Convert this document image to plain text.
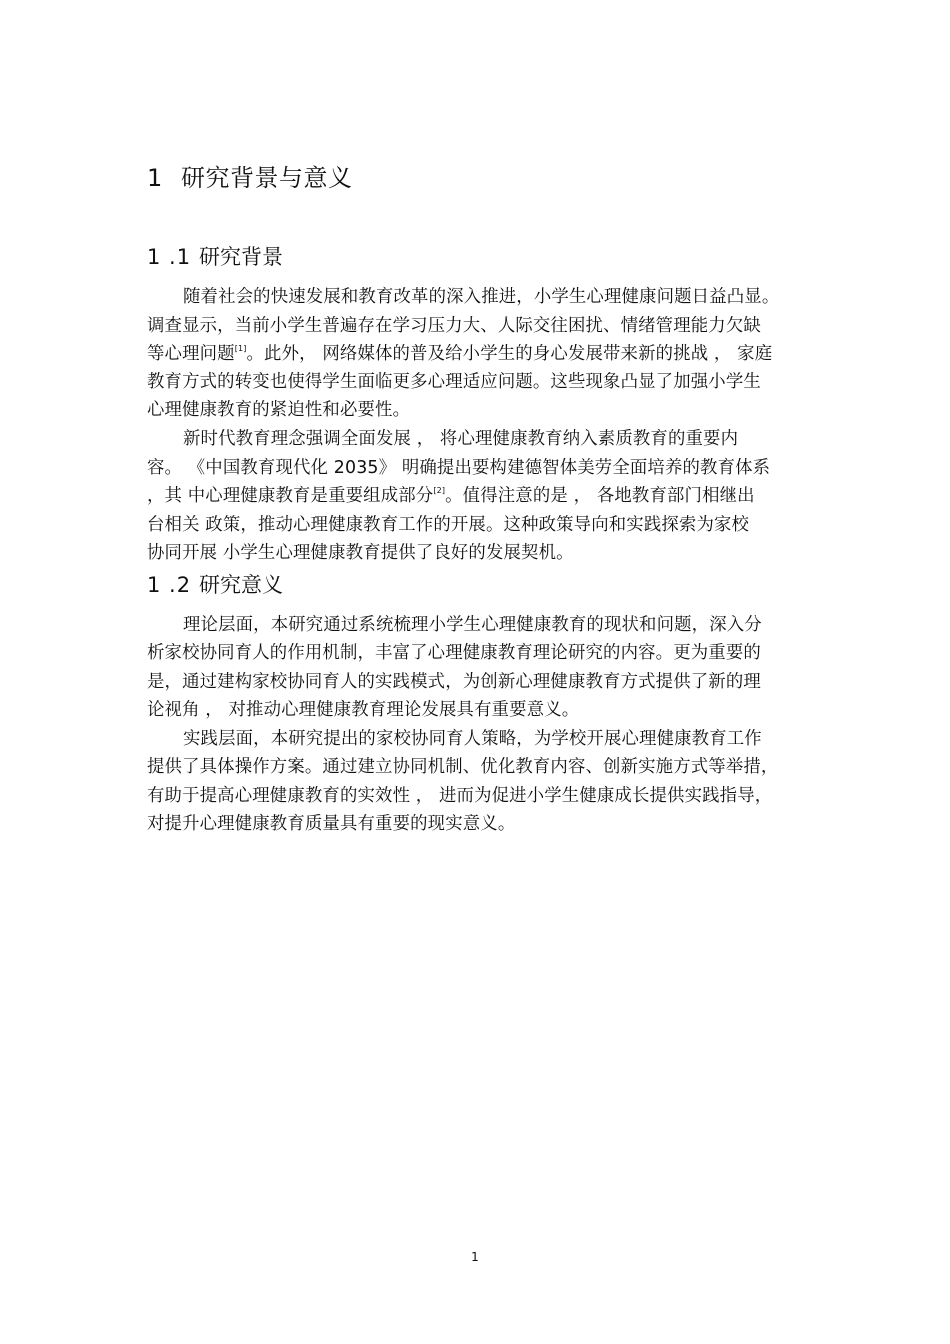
1 研究背景与意义
1 .1 研究背景
随着社会的快速发展和教育改革的深入推进，小学生心理健康问题日益凸显。
调查显示，当前小学生普遍存在学习压力大、人际交往困扰、情绪管理能力欠缺
等心理问题[1]。此外， 网络媒体的普及给小学生的身心发展带来新的挑战 ， 家庭
教育方式的转变也使得学生面临更多心理适应问题。这些现象凸显了加强小学生
心理健康教育的紧迫性和必要性。
新时代教育理念强调全面发展 ， 将心理健康教育纳入素质教育的重要内
容。 《中国教育现代化 2035》 明确提出要构建德智体美劳全面培养的教育体系
，其 中心理健康教育是重要组成部分[2]。值得注意的是 ， 各地教育部门相继出
台相关 政策，推动心理健康教育工作的开展。这种政策导向和实践探索为家校
协同开展 小学生心理健康教育提供了良好的发展契机。
1 .2 研究意义
理论层面，本研究通过系统梳理小学生心理健康教育的现状和问题，深入分
析家校协同育人的作用机制，丰富了心理健康教育理论研究的内容。更为重要的
是，通过建构家校协同育人的实践模式，为创新心理健康教育方式提供了新的理
论视角 ， 对推动心理健康教育理论发展具有重要意义。
实践层面，本研究提出的家校协同育人策略，为学校开展心理健康教育工作
提供了具体操作方案。通过建立协同机制、优化教育内容、创新实施方式等举措，
有助于提高心理健康教育的实效性 ， 进而为促进小学生健康成长提供实践指导，
对提升心理健康教育质量具有重要的现实意义。
1
